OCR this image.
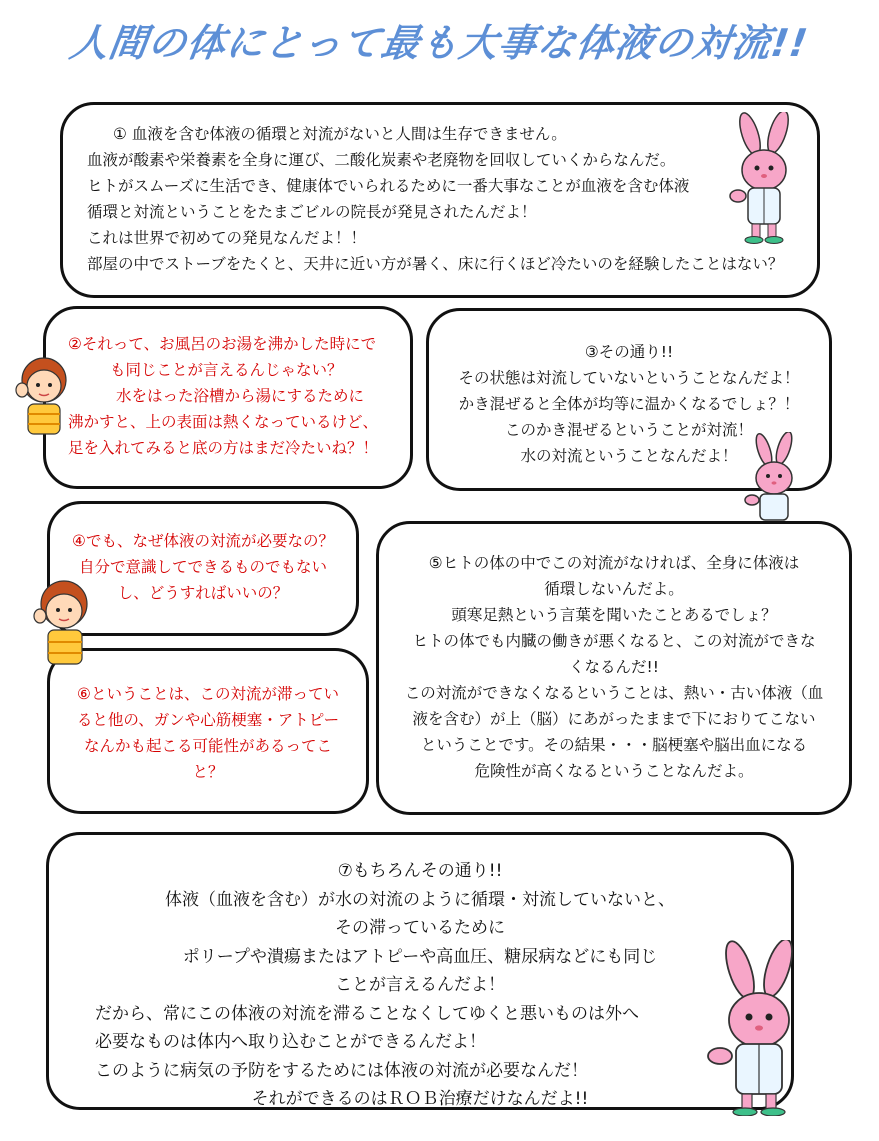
人間の体にとって最も大事な体液の対流!!
① 血液を含む体液の循環と対流がないと人間は生存できません。
血液が酸素や栄養素を全身に運び、二酸化炭素や老廃物を回収していくからなんだ。
ヒトがスムーズに生活でき、健康体でいられるために一番大事なことが血液を含む体液
循環と対流ということをたまごビルの院長が発見されたんだよ！
これは世界で初めての発見なんだよ！！
部屋の中でストーブをたくと、天井に近い方が暑く、床に行くほど冷たいのを経験したことはない？
②それって、お風呂のお湯を沸かした時にで
も同じことが言えるんじゃない？
水をはった浴槽から湯にするために
沸かすと、上の表面は熱くなっているけど、
足を入れてみると底の方はまだ冷たいね？！
③その通り!!
その状態は対流していないということなんだよ！
かき混ぜると全体が均等に温かくなるでしょ？！
このかき混ぜるということが対流！
水の対流ということなんだよ！
④でも、なぜ体液の対流が必要なの？
自分で意識してできるものでもない
し、どうすればいいの？
⑤ヒトの体の中でこの対流がなければ、全身に体液は
循環しないんだよ。
頭寒足熱という言葉を聞いたことあるでしょ？
ヒトの体でも内臓の働きが悪くなると、この対流ができな
くなるんだ!!
この対流ができなくなるということは、熱い・古い体液（血
液を含む）が上（脳）にあがったままで下におりてこない
ということです。その結果・・・脳梗塞や脳出血になる
危険性が高くなるということなんだよ。
⑥ということは、この対流が滞ってい
ると他の、ガンや心筋梗塞・アトピー
なんかも起こる可能性があるってこ
と？
⑦もちろんその通り!!
体液（血液を含む）が水の対流のように循環・対流していないと、
その滞っているために
ポリープや潰瘍またはアトピーや高血圧、糖尿病などにも同じ
ことが言えるんだよ！
だから、常にこの体液の対流を滞ることなくしてゆくと悪いものは外へ
必要なものは体内へ取り込むことができるんだよ！
このように病気の予防をするためには体液の対流が必要なんだ！
それができるのはＲＯＢ治療だけなんだよ!!
